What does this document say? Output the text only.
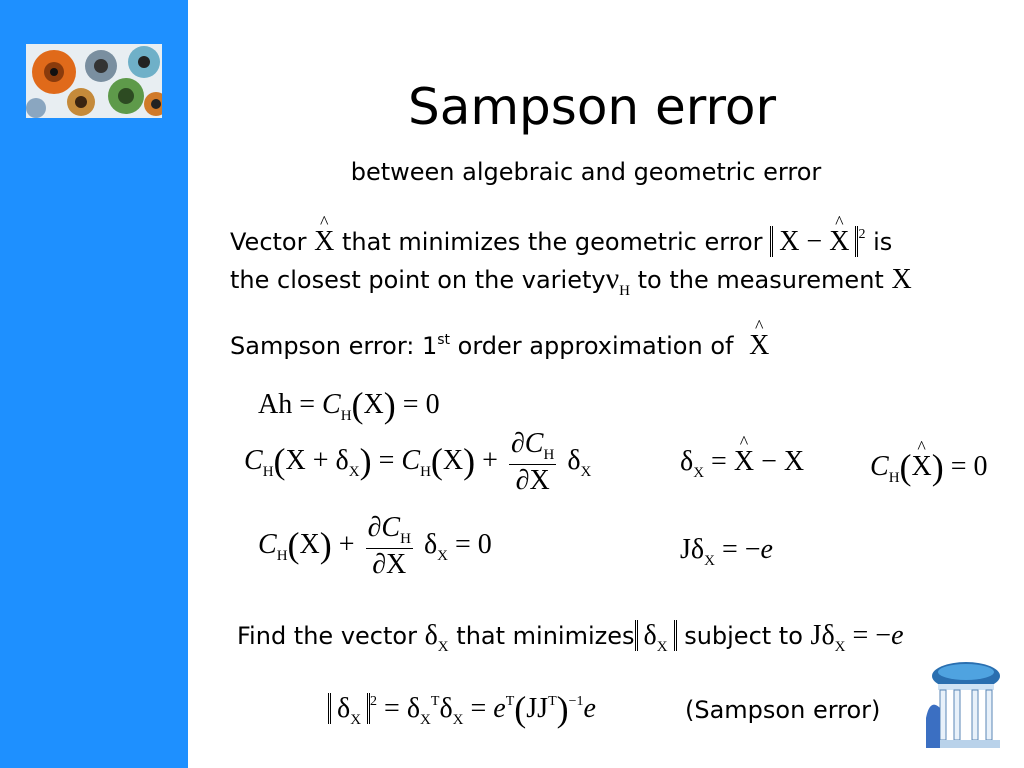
Sampson error
between algebraic and geometric error
Vector ^ X that minimizes the geometric error X − ^ X $^2$ is
the closest point on the varietyν$_H$ to the measurement X
Sampson error: 1st order approximation of ^ X
$Ah = C_H(X) = 0$
$C_H(X + \delta_X) = C_H(X) + \frac{\partial C_H}{\partial X} \delta_X$	$\delta_X$ = ^ X − X $C_H(\^{}$ X) = 0
$C_H(X) + \frac{\partial C_H}{\partial X} \delta_X = 0$	$J\delta_X = -e$
Find the vector $\delta_X$ that minimizes $\delta_X$ subject to $J\delta_X = -e$
$\delta_X^2 = \delta_X^T\delta_X = e^T(JJ^T)^{-1}e$	(Sampson error)
